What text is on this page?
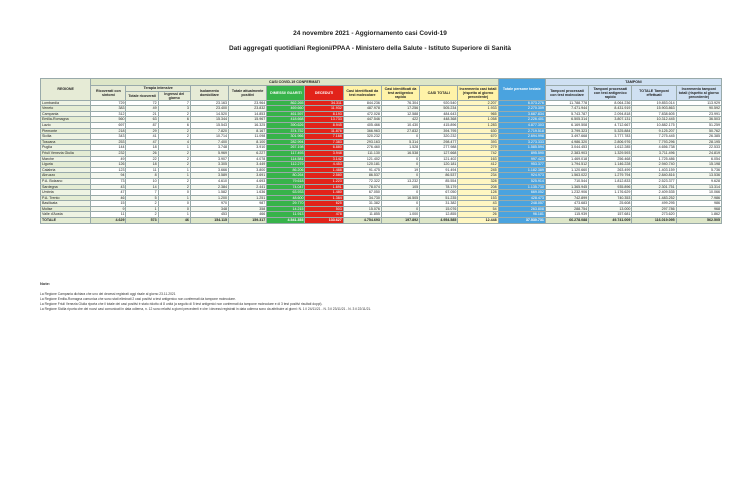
24 novembre 2021 - Aggiornamento casi Covid-19
Dati aggregati quotidiani Regioni/PPAA - Ministero della Salute - Istituto Superiore di Sanità
REGIONE	CASI COVID-19 CONFERMATI											Totale persone testate	TAMPONI			
	Ricoverati con sintomi	Terapia intensive		Isolamento domiciliare	Totale attualmente positivi	DIMESSI/ GUARITI	DECEDUTI	Casi identificati da test molecolare	Casi identificati da test antigenico rapido	CASI TOTALI	Incremento casi totali (rispetto al giorno precedente)		Tamponi processati con test molecolare	Tamponi processati con test antigenico rapido	TOTALE Tamponi effettuati	Incremento tamponi totali (rispetto al giorno precedente)
		Totale ricoverati	Ingressi del giorno													
Lombardia	729	72	7	23.163	23.964	862.265	34.311	844.236	76.304	920.540	2.207	6.073.276	11.788.778	8.064.236	19.853.014	113.929
Veneto	383	49	3	23.400	23.832	469.660	11.932	487.978	17.256	505.234	1.933	2.270.309	7.471.944	8.431.919	15.903.863	90.592
Campania	312	21	2	14.520	14.853	461.597	8.193	472.028	12.588	484.643	965	3.687.834	5.743.787	2.094.818	7.838.605	23.991
Emilia-Romagna	560	63	6	15.344	15.967	418.668	13.733	447.546	422	448.368	1.058	2.226.401	6.505.314	3.807.131	10.312.445	36.503
Lazio	697	87	6	15.543	16.325	390.626	8.945	405.466	10.430	415.896	1.283	4.877.303	6.169.508	4.712.667	10.882.175	51.259
Piemonte	218	29	2	7.820	8.167	374.752	11.876	366.963	27.832	394.795	630	2.719.518	3.799.323	5.325.884	9.125.207	50.762
Sicilia	343	41	2	10.714	11.098	301.966	7.168	320.232	0	320.232	670	2.694.998	3.497.668	3.777.783	7.275.445	26.385
Toscana	253	47	4	7.400	8.100	282.994	7.383	293.163	5.314	298.477	393	3.273.333	4.986.320	2.806.976	7.793.296	28.195
Puglia	144	18	1	3.748	3.910	267.198	6.880	276.460	1.528	277.988	279	1.585.594	3.044.453	1.612.285	4.656.738	22.533
Friuli Venezia Giulia	232	26	2	5.969	6.227	117.493	3.948	111.130	16.538	127.668	742	895.590	2.383.903	1.329.593	3.711.496	24.819
Marche	49	22	2	3.907	4.078	114.581	3.142	121.402	0	121.402	163	997.420	1.469.018	256.468	1.725.486	6.054
Liguria	126	18	2	3.305	3.449	112.279	4.453	120.181	0	120.181	412	953.377	1.794.512	1.146.228	2.940.740	15.198
Calabria	123	11	1	3.666	3.800	86.206	1.488	91.475	19	91.494	245	1.182.389	1.120.660	263.499	1.403.159	5.736
Abruzzo	94	8	1	3.589	3.691	80.264	2.580	86.537	0	86.537	234	924.973	1.563.022	1.279.794	2.840.816	13.536
P.A. Bolzano	73	10	2	4.610	4.693	79.618	1.223	72.322	13.232	85.554	328	525.914	710.544	1.812.833	2.523.377	9.628
Sardegna	43	14	2	2.384	2.441	74.047	1.691	78.074	105	78.179	208	1.135.730	1.365.945	935.896	2.301.751	13.314
Umbria	47	7	0	1.582	1.636	63.933	1.480	67.050	0	67.050	128	669.052	1.232.906	1.176.629	2.409.535	10.066
P.A. Trento	46	5	1	1.200	1.251	48.600	1.384	34.730	16.505	51.235	153	428.473	742.899	740.353	1.483.252	7.986
Basilicata	15	2	0	970	987	29.770	625	31.382	0	31.382	43	248.057	473.683	25.608	499.295	986
Molise	9	1	0	348	358	14.215	503	15.076	0	15.076	54	263.808	288.754	13.000	297.786	968
Valle d'Aosta	11	2	1	453	466	11.913	478	11.855	1.000	12.855	26	96.181	115.939	157.681	273.620	1.862
TOTALE	4.629	573	46	154.115	159.317	4.541.353	133.627	4.754.693	197.892	4.954.585	12.448	37.530.731	66.278.088	49.741.009	116.019.095	562.505
Note:
La Regione Campania dichiara che uno dei decessi registrati oggi risale al giorno 23.11.2021
La Regione Emilia-Romagna comunica che sono stati eliminati 2 casi positivi a test antigenico non confermati da tampone molecolare.
La Regione Friuli Venezia Giulia riporta che il totale dei casi positivi è stato ridotto di 8 unità (a seguito di 5 test antigenici non confermati da tampone molecolare e di 3 test positivi risultati doppi).
La Regione Sicilia riporta che dei nuovi casi comunicati in data odierna, n. 12 sono relativi a giorni precedenti e che i decessi registrati in data odierna sono da attribuire ai giorni: N. 1 il 24/11/21 - N. 3 il 23/11/21 - N. 3 il 22/11/21.
